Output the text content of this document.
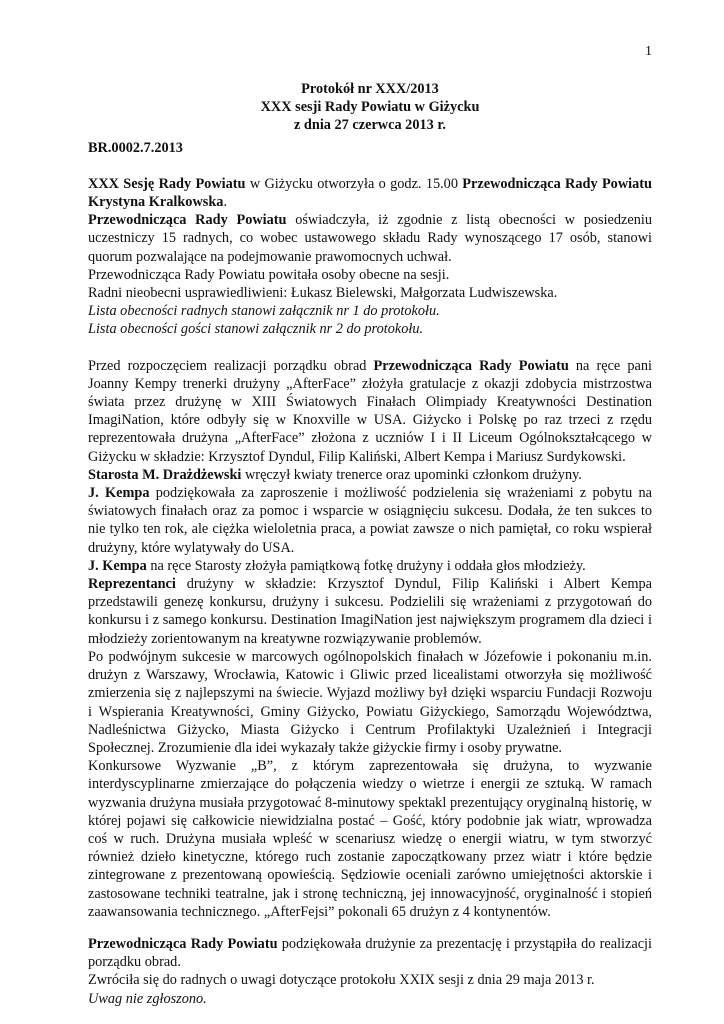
1
Protokół nr XXX/2013
XXX sesji Rady Powiatu w Giżycku
z dnia 27 czerwca 2013 r.
BR.0002.7.2013

XXX Sesję Rady Powiatu w Giżycku otworzyła o godz. 15.00 Przewodnicząca Rady Powiatu Krystyna Kralkowska.

Przewodnicząca Rady Powiatu oświadczyła, iż zgodnie z listą obecności w posiedzeniu uczestniczy 15 radnych, co wobec ustawowego składu Rady wynoszącego 17 osób, stanowi quorum pozwalające na podejmowanie prawomocnych uchwał.

Przewodnicząca Rady Powiatu powitała osoby obecne na sesji.

Radni nieobecni usprawiedliwieni: Łukasz Bielewski, Małgorzata Ludwiszewska.

Lista obecności radnych stanowi załącznik nr 1 do protokołu.

Lista obecności gości stanowi załącznik nr 2 do protokołu.

Przed rozpoczęciem realizacji porządku obrad Przewodnicząca Rady Powiatu na ręce pani Joanny Kempy trenerki drużyny „AfterFace” złożyła gratulacje z okazji zdobycia mistrzostwa świata przez drużynę w XIII Światowych Finałach Olimpiady Kreatywności Destination ImagiNation, które odbyły się w Knoxville w USA. Giżycko i Polskę po raz trzeci z rzędu reprezentowała drużyna „AfterFace” złożona z uczniów I i II Liceum Ogólnokształcącego w Giżycku w składzie: Krzysztof Dyndul, Filip Kaliński, Albert Kempa i Mariusz Surdykowski.

Starosta M. Drażdżewski wręczył kwiaty trenerce oraz upominki członkom drużyny.

J. Kempa podziękowała za zaproszenie i możliwość podzielenia się wrażeniami z pobytu na światowych finałach oraz za pomoc i wsparcie w osiągnięciu sukcesu. Dodała, że ten sukces to nie tylko ten rok, ale ciężka wieloletnia praca, a powiat zawsze o nich pamiętał, co roku wspierał drużyny, które wylatywały do USA.

J. Kempa na ręce Starosty złożyła pamiątkową fotkę drużyny i oddała głos młodzieży.

Reprezentanci drużyny w składzie: Krzysztof Dyndul, Filip Kaliński i Albert Kempa przedstawili genezę konkursu, drużyny i sukcesu. Podzielili się wrażeniami z przygotowań do konkursu i z samego konkursu. Destination ImagiNation jest największym programem dla dzieci i młodzieży zorientowanym na kreatywne rozwiązywanie problemów.

Po podwójnym sukcesie w marcowych ogólnopolskich finałach w Józefowie i pokonaniu m.in. drużyn z Warszawy, Wrocławia, Katowic i Gliwic przed licealistami otworzyła się możliwość zmierzenia się z najlepszymi na świecie. Wyjazd możliwy był dzięki wsparciu Fundacji Rozwoju i Wspierania Kreatywności, Gminy Giżycko, Powiatu Giżyckiego, Samorządu Województwa, Nadleśnictwa Giżycko, Miasta Giżycko i Centrum Profilaktyki Uzależnień i Integracji Społecznej. Zrozumienie dla idei wykazały także giżyckie firmy i osoby prywatne.

Konkursowe Wyzwanie „B”, z którym zaprezentowała się drużyna, to wyzwanie interdyscyplinarne zmierzające do połączenia wiedzy o wietrze i energii ze sztuką. W ramach wyzwania drużyna musiała przygotować 8-minutowy spektakl prezentujący oryginalną historię, w której pojawi się całkowicie niewidzialna postać – Gość, który podobnie jak wiatr, wprowadza coś w ruch. Drużyna musiała wpleść w scenariusz wiedzę o energii wiatru, w tym stworzyć również dzieło kinetyczne, którego ruch zostanie zapoczątkowany przez wiatr i które będzie zintegrowane z prezentowaną opowieścią. Sędziowie oceniali zarówno umiejętności aktorskie i zastosowane techniki teatralne, jak i stronę techniczną, jej innowacyjność, oryginalność i stopień zaawansowania technicznego. „AfterFejsi” pokonali 65 drużyn z 4 kontynentów.

Przewodnicząca Rady Powiatu podziękowała drużynie za prezentację i przystąpiła do realizacji porządku obrad.

Zwróciła się do radnych o uwagi dotyczące protokołu XXIX sesji z dnia 29 maja 2013 r.

Uwag nie zgłoszono.
